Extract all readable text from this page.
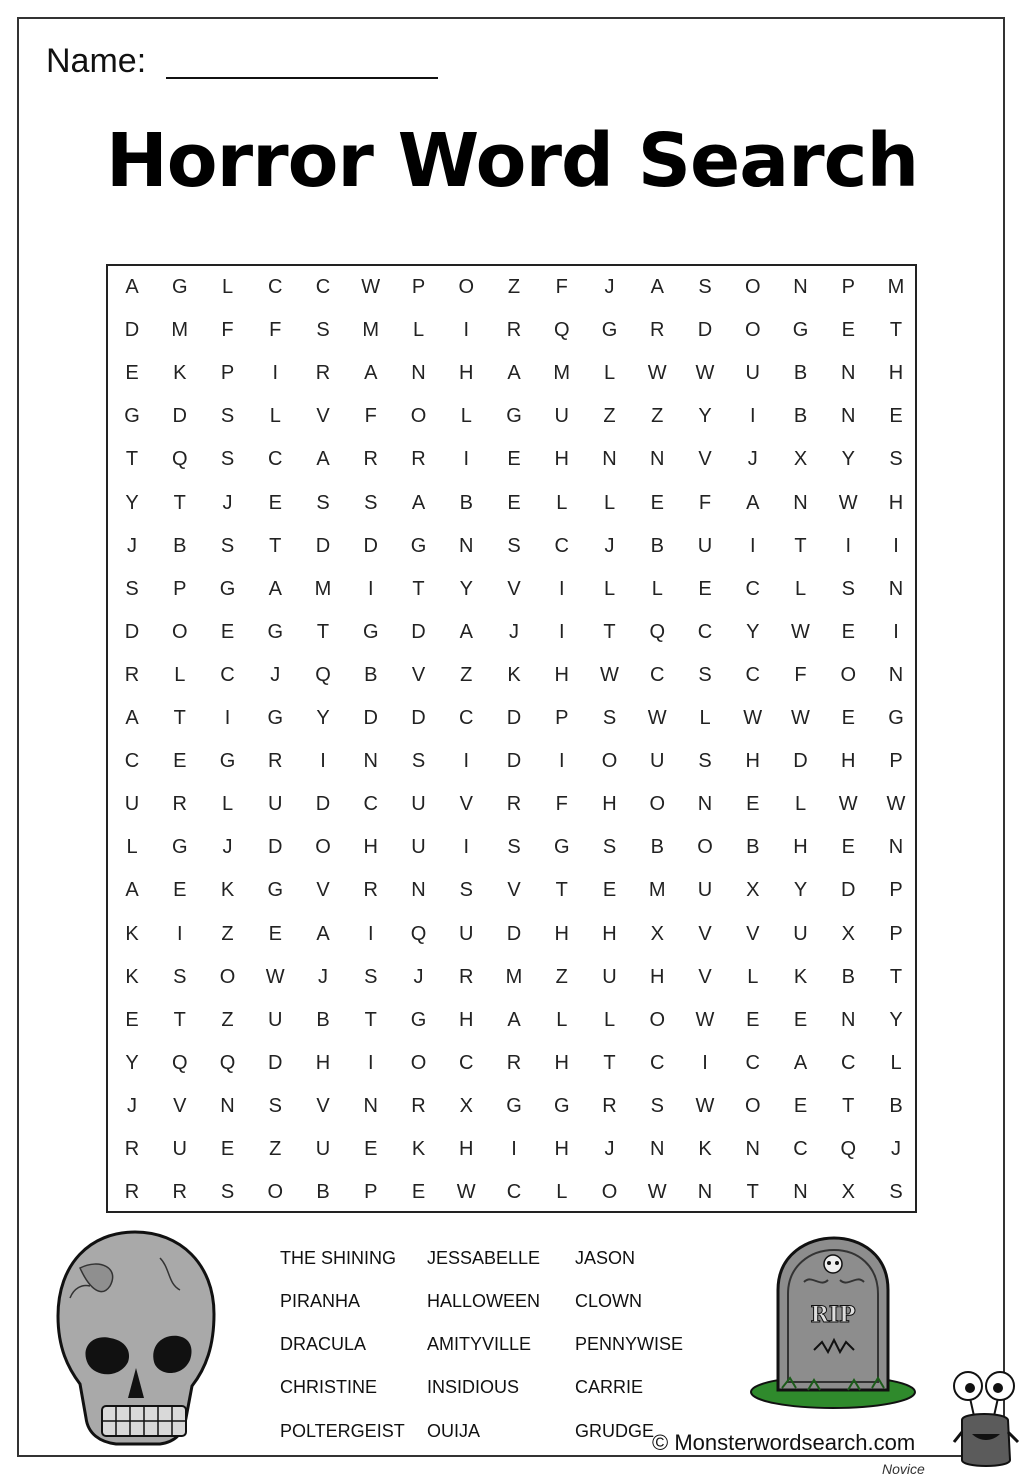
Name:
Horror Word Search
A	G	L	C	C	W	P	O	Z	F	J	A	S	O	N	P	M
D	M	F	F	S	M	L	I	R	Q	G	R	D	O	G	E	T
E	K	P	I	R	A	N	H	A	M	L	W	W	U	B	N	H
G	D	S	L	V	F	O	L	G	U	Z	Z	Y	I	B	N	E
T	Q	S	C	A	R	R	I	E	H	N	N	V	J	X	Y	S
Y	T	J	E	S	S	A	B	E	L	L	E	F	A	N	W	H
J	B	S	T	D	D	G	N	S	C	J	B	U	I	T	I	I
S	P	G	A	M	I	T	Y	V	I	L	L	E	C	L	S	N
D	O	E	G	T	G	D	A	J	I	T	Q	C	Y	W	E	I
R	L	C	J	Q	B	V	Z	K	H	W	C	S	C	F	O	N
A	T	I	G	Y	D	D	C	D	P	S	W	L	W	W	E	G
C	E	G	R	I	N	S	I	D	I	O	U	S	H	D	H	P
U	R	L	U	D	C	U	V	R	F	H	O	N	E	L	W	W
L	G	J	D	O	H	U	I	S	G	S	B	O	B	H	E	N
A	E	K	G	V	R	N	S	V	T	E	M	U	X	Y	D	P
K	I	Z	E	A	I	Q	U	D	H	H	X	V	V	U	X	P
K	S	O	W	J	S	J	R	M	Z	U	H	V	L	K	B	T
E	T	Z	U	B	T	G	H	A	L	L	O	W	E	E	N	Y
Y	Q	Q	D	H	I	O	C	R	H	T	C	I	C	A	C	L
J	V	N	S	V	N	R	X	G	G	R	S	W	O	E	T	B
R	U	E	Z	U	E	K	H	I	H	J	N	K	N	C	Q	J
R	R	S	O	B	P	E	W	C	L	O	W	N	T	N	X	S
THE SHINING JESSABELLE JASON
PIRANHA	HALLOWEEN CLOWN
DRACULA	AMITYVILLE PENNYWISE
CHRISTINE	INSIDIOUS	CARRIE
POLTERGEIST OUIJA	GRUDGE
RIP
© Monsterwordsearch.com
Novice
